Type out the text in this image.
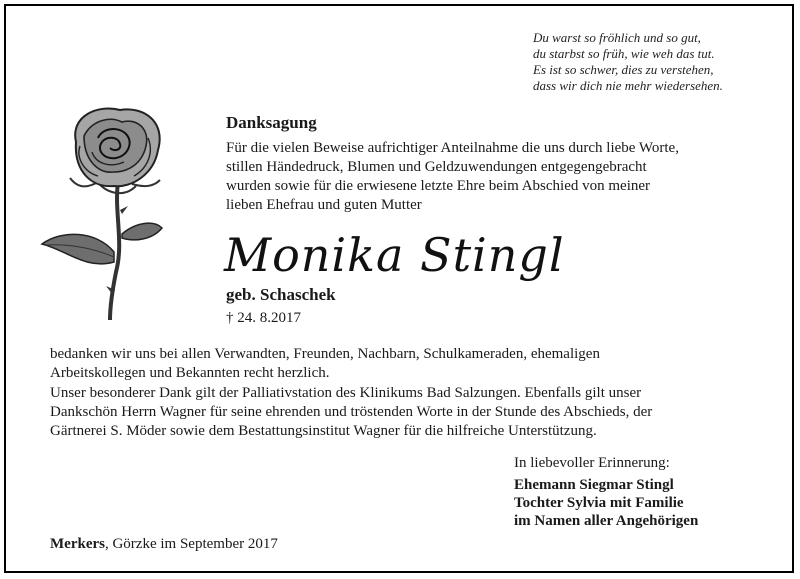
Du warst so fröhlich und so gut,
du starbst so früh, wie weh das tut.
Es ist so schwer, dies zu verstehen,
dass wir dich nie mehr wiedersehen.
Danksagung
Für die vielen Beweise aufrichtiger Anteilnahme die uns durch liebe Worte,
stillen Händedruck, Blumen und Geldzuwendungen entgegengebracht
wurden sowie für die erwiesene letzte Ehre beim Abschied von meiner
lieben Ehefrau und guten Mutter
Monika Stingl
geb. Schaschek
† 24. 8.2017
bedanken wir uns bei allen Verwandten, Freunden, Nachbarn, Schulkameraden, ehemaligen
Arbeitskollegen und Bekannten recht herzlich.
Unser besonderer Dank gilt der Palliativstation des Klinikums Bad Salzungen. Ebenfalls gilt unser
Dankschön Herrn Wagner für seine ehrenden und tröstenden Worte in der Stunde des Abschieds, der
Gärtnerei S. Möder sowie dem Bestattungsinstitut Wagner für die hilfreiche Unterstützung.
In liebevoller Erinnerung:
Ehemann Siegmar Stingl
Tochter Sylvia mit Familie
im Namen aller Angehörigen
Merkers, Görzke im September 2017
